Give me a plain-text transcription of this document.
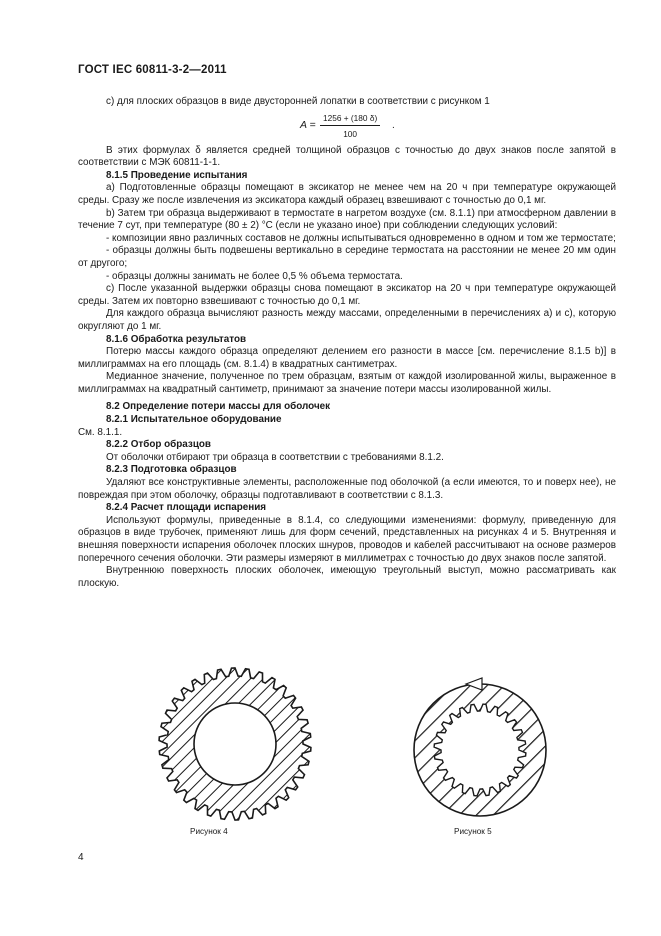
ГОСТ IEC 60811-3-2—2011

с) для плоских образцов в виде двусторонней лопатки в соответствии с рисунком 1

$A = \frac{1256 + (180 \delta)}{100}$ .

В этих формулах δ является средней толщиной образцов с точностью до двух знаков после запятой в соответствии с МЭК 60811-1-1.

8.1.5 Проведение испытания

а) Подготовленные образцы помещают в эксикатор не менее чем на 20 ч при температуре окружающей среды. Сразу же после извлечения из эксикатора каждый образец взвешивают с точностью до 0,1 мг.

b) Затем три образца выдерживают в термостате в нагретом воздухе (см. 8.1.1) при атмосферном давлении в течение 7 сут, при температуре (80 ± 2) °С (если не указано иное) при соблюдении следующих условий:

- композиции явно различных составов не должны испытываться одновременно в одном и том же термостате;

- образцы должны быть подвешены вертикально в середине термостата на расстоянии не менее 20 мм один от другого;

- образцы должны занимать не более 0,5 % объема термостата.

с) После указанной выдержки образцы снова помещают в эксикатор на 20 ч при температуре окружающей среды. Затем их повторно взвешивают с точностью до 0,1 мг.

Для каждого образца вычисляют разность между массами, определенными в перечислениях а) и с), которую округляют до 1 мг.

8.1.6 Обработка результатов

Потерю массы каждого образца определяют делением его разности в массе [см. перечисление 8.1.5 b)] в миллиграммах на его площадь (см. 8.1.4) в квадратных сантиметрах.

Медианное значение, полученное по трем образцам, взятым от каждой изолированной жилы, выраженное в миллиграммах на квадратный сантиметр, принимают за значение потери массы изолированной жилы.

8.2 Определение потери массы для оболочек

8.2.1 Испытательное оборудование

См. 8.1.1.

8.2.2 Отбор образцов

От оболочки отбирают три образца в соответствии с требованиями 8.1.2.

8.2.3 Подготовка образцов

Удаляют все конструктивные элементы, расположенные под оболочкой (а если имеются, то и поверх нее), не повреждая при этом оболочку, образцы подготавливают в соответствии с 8.1.3.

8.2.4 Расчет площади испарения

Используют формулы, приведенные в 8.1.4, со следующими изменениями: формулу, приведенную для образцов в виде трубочек, применяют лишь для форм сечений, представленных на рисунках 4 и 5. Внутренняя и внешняя поверхности испарения оболочек плоских шнуров, проводов и кабелей рассчитывают на основе размеров поперечного сечения оболочки. Эти размеры измеряют в миллиметрах с точностью до двух знаков после запятой.

Внутреннюю поверхность плоских оболочек, имеющую треугольный выступ, можно рассматривать как плоскую.

Рисунок 4	Рисунок 5
4
